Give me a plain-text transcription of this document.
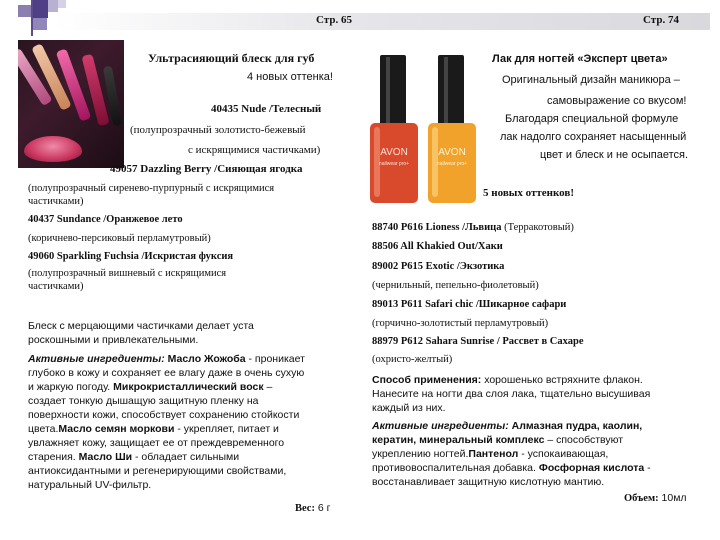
Стр. 65	Стр. 74
AVON
nailwear pro+
AVON
nailwear pro+
Ультрасияющий блеск для губ
4 новых оттенка!
40435 Nude /Телесный
(полупрозрачный золотисто-бежевый
с искрящимися частичками)
49057 Dazzling Berry /Сияющая ягодка
(полупрозрачный сиренево-пурпурный с искрящимися
частичками)
40437 Sundance /Оранжевое лето
(коричнево-персиковый перламутровый)
49060 Sparkling Fuchsia /Искристая фуксия
(полупрозрачный вишневый с искрящимися
частичками)
Блеск с мерцающими частичками делает уста
роскошными и привлекательными.
Активные ингредиенты: Масло Жожоба - проникает
глубоко в кожу и сохраняет ее влагу даже в очень сухую
и жаркую погоду. Микрокристаллический воск –
создает тонкую дышащую защитную пленку на
поверхности кожи, способствует сохранению стойкости
цвета.Масло семян моркови - укрепляет, питает и
увлажняет кожу, защищает ее от преждевременного
старения. Масло Ши - обладает сильными
антиоксидантными и регенерирующими свойствами,
натуральный UV-фильтр.
Вес: 6 г
Лак для ногтей «Эксперт цвета»
Оригинальный дизайн маникюра –
самовыражение со вкусом!
Благодаря специальной формуле
лак надолго сохраняет насыщенный
цвет и блеск и не осыпается.
5 новых оттенков!
88740 P616 Lioness /Львица (Терракотовый)
88506 All Khakied Out/Хаки
89002 P615 Exotic /Экзотика
(чернильный, пепельно-фиолетовый)
89013 P611 Safari chic /Шикарное сафари
(горчично-золотистый перламутровый)
88979 P612 Sahara Sunrise / Рассвет в Сахаре
(охристо-желтый)
Способ применения: хорошенько встряхните флакон.
Нанесите на ногти два слоя лака, тщательно высушивая
каждый из них.
Активные ингредиенты: Алмазная пудра, каолин,
кератин, минеральный комплекс – способствуют
укреплению ногтей.Пантенол - успокаивающая,
противовоспалительная добавка. Фосфорная кислота -
восстанавливает защитную кислотную мантию.
Объем: 10мл
